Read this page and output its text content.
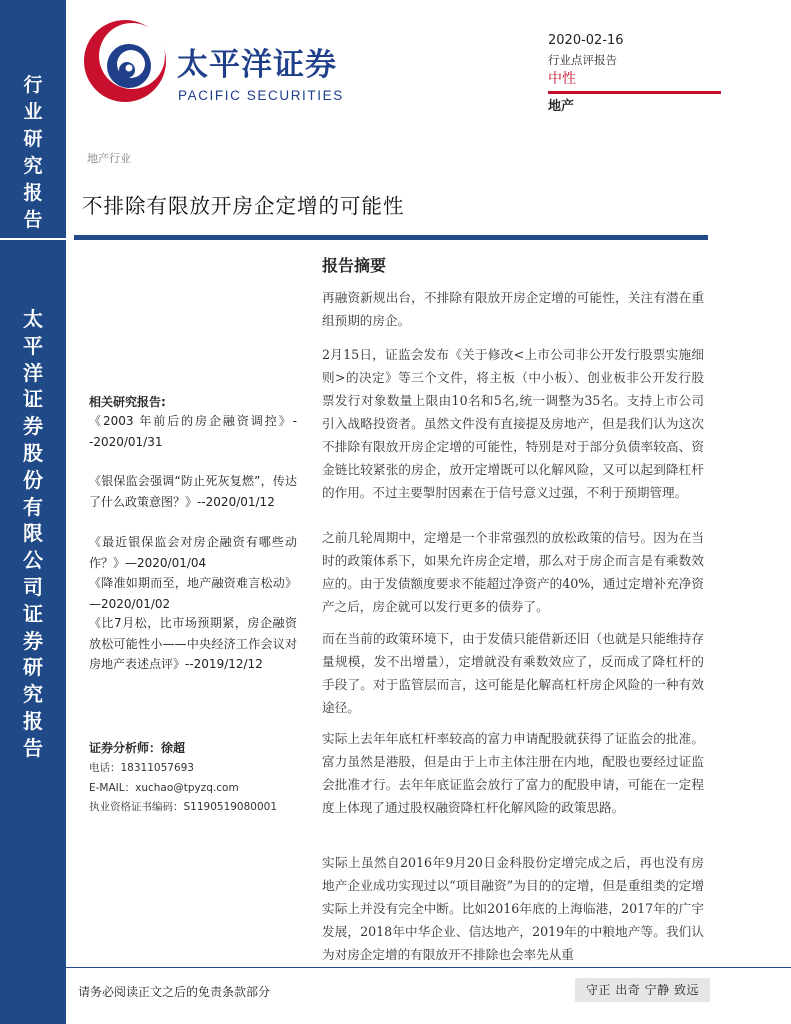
行
业
研
究
报
告
太
平
洋
证
券
股
份
有
限
公
司
证
券
研
究
报
告
太平洋证券
PACIFIC SECURITIES
2020-02-16
行业点评报告
中性
地产
地产行业
不排除有限放开房企定增的可能性
相关研究报告:
《2003 年前后的房企融资调控》--2020/01/31
《银保监会强调“防止死灰复燃”，传达了什么政策意图？》--2020/01/12
《最近银保监会对房企融资有哪些动作？》—2020/01/04
《降准如期而至，地产融资难言松动》—2020/01/02
《比7月松，比市场预期紧，房企融资放松可能性小——中央经济工作会议对房地产表述点评》--2019/12/12
证券分析师：徐超
电话：18311057693
E-MAIL：xuchao@tpyzq.com
执业资格证书编码：S1190519080001
报告摘要

再融资新规出台，不排除有限放开房企定增的可能性，关注有潜在重组预期的房企。

2月15日，证监会发布《关于修改<上市公司非公开发行股票实施细则>的决定》等三个文件，将主板（中小板）、创业板非公开发行股票发行对象数量上限由10名和5名,统一调整为35名。支持上市公司引入战略投资者。虽然文件没有直接提及房地产，但是我们认为这次不排除有限放开房企定增的可能性，特别是对于部分负债率较高、资金链比较紧张的房企，放开定增既可以化解风险，又可以起到降杠杆的作用。不过主要掣肘因素在于信号意义过强，不利于预期管理。

之前几轮周期中，定增是一个非常强烈的放松政策的信号。因为在当时的政策体系下，如果允许房企定增，那么对于房企而言是有乘数效应的。由于发债额度要求不能超过净资产的40%，通过定增补充净资产之后，房企就可以发行更多的债券了。

而在当前的政策环境下，由于发债只能借新还旧（也就是只能维持存量规模，发不出增量），定增就没有乘数效应了，反而成了降杠杆的手段了。对于监管层而言，这可能是化解高杠杆房企风险的一种有效途径。

实际上去年年底杠杆率较高的富力申请配股就获得了证监会的批准。富力虽然是港股，但是由于上市主体注册在内地，配股也要经过证监会批准才行。去年年底证监会放行了富力的配股申请，可能在一定程度上体现了通过股权融资降杠杆化解风险的政策思路。

实际上虽然自2016年9月20日金科股份定增完成之后，再也没有房地产企业成功实现过以“项目融资”为目的的定增，但是重组类的定增实际上并没有完全中断。比如2016年底的上海临港，2017年的广宇发展，2018年中华企业、信达地产，2019年的中粮地产等。我们认为对房企定增的有限放开不排除也会率先从重

请务必阅读正文之后的免责条款部分	守正 出奇 宁静 致远
